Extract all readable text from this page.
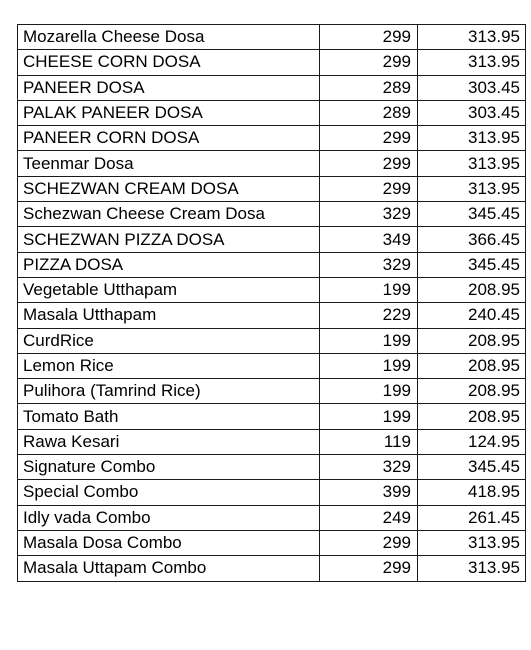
Mozarella Cheese Dosa	299	313.95
CHEESE CORN DOSA	299	313.95
PANEER DOSA	289	303.45
PALAK PANEER DOSA	289	303.45
PANEER CORN DOSA	299	313.95
Teenmar Dosa	299	313.95
SCHEZWAN CREAM DOSA	299	313.95
Schezwan Cheese Cream Dosa	329	345.45
SCHEZWAN PIZZA DOSA	349	366.45
PIZZA DOSA	329	345.45
Vegetable Utthapam	199	208.95
Masala Utthapam	229	240.45
CurdRice	199	208.95
Lemon Rice	199	208.95
Pulihora (Tamrind Rice)	199	208.95
Tomato Bath	199	208.95
Rawa Kesari	119	124.95
Signature Combo	329	345.45
Special Combo	399	418.95
Idly vada Combo	249	261.45
Masala Dosa Combo	299	313.95
Masala Uttapam Combo	299	313.95
